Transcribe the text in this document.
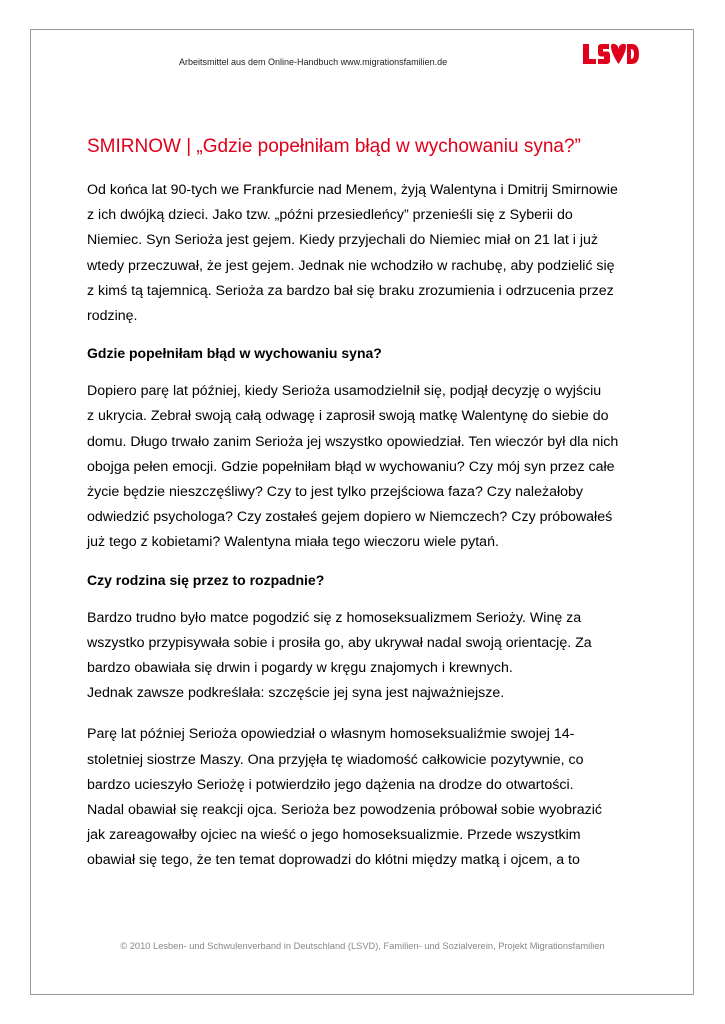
Arbeitsmittel aus dem Online-Handbuch www.migrationsfamilien.de
LSVD
SMIRNOW | „Gdzie popełniłam błąd w wychowaniu syna?”

Od końca lat 90-tych we Frankfurcie nad Menem, żyją Walentyna i Dmitrij Smirnowie
z ich dwójką dzieci. Jako tzw. „późni przesiedleńcy” przenieśli się z Syberii do
Niemiec. Syn Serioża jest gejem. Kiedy przyjechali do Niemiec miał on 21 lat i już
wtedy przeczuwał, że jest gejem. Jednak nie wchodziło w rachubę, aby podzielić się
z kimś tą tajemnicą. Serioża za bardzo bał się braku zrozumienia i odrzucenia przez
rodzinę.

Gdzie popełniłam błąd w wychowaniu syna?

Dopiero parę lat później, kiedy Serioża usamodzielnił się, podjął decyzję o wyjściu
z ukrycia. Zebrał swoją całą odwagę i zaprosił swoją matkę Walentynę do siebie do
domu. Długo trwało zanim Serioża jej wszystko opowiedział. Ten wieczór był dla nich
obojga pełen emocji. Gdzie popełniłam błąd w wychowaniu? Czy mój syn przez całe
życie będzie nieszczęśliwy? Czy to jest tylko przejściowa faza? Czy należałoby
odwiedzić psychologa? Czy zostałeś gejem dopiero w Niemczech? Czy próbowałeś
już tego z kobietami? Walentyna miała tego wieczoru wiele pytań.

Czy rodzina się przez to rozpadnie?

Bardzo trudno było matce pogodzić się z homoseksualizmem Serioży. Winę za
wszystko przypisywała sobie i prosiła go, aby ukrywał nadal swoją orientację. Za
bardzo obawiała się drwin i pogardy w kręgu znajomych i krewnych.
Jednak zawsze podkreślała: szczęście jej syna jest najważniejsze.

Parę lat później Serioża opowiedział o własnym homoseksualiźmie swojej 14-
stoletniej siostrze Maszy. Ona przyjęła tę wiadomość całkowicie pozytywnie, co
bardzo ucieszyło Seriożę i potwierdziło jego dążenia na drodze do otwartości.
Nadal obawiał się reakcji ojca. Serioża bez powodzenia próbował sobie wyobrazić
jak zareagowałby ojciec na wieść o jego homoseksualizmie. Przede wszystkim
obawiał się tego, że ten temat doprowadzi do kłótni między matką i ojcem, a to

© 2010 Lesben- und Schwulenverband in Deutschland (LSVD), Familien- und Sozialverein, Projekt Migrationsfamilien
